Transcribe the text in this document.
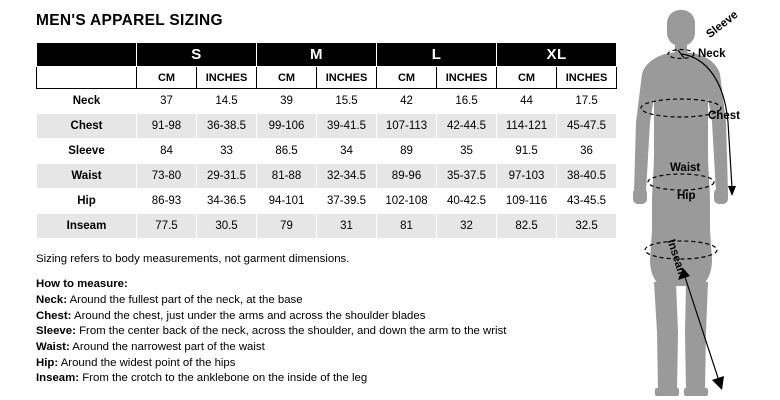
MEN'S APPAREL SIZING
	S		M		L		XL	
	CM	INCHES	CM	INCHES	CM	INCHES	CM	INCHES
Neck	37	14.5	39	15.5	42	16.5	44	17.5
Chest	91-98	36-38.5	99-106	39-41.5	107-113	42-44.5	114-121	45-47.5
Sleeve	84	33	86.5	34	89	35	91.5	36
Waist	73-80	29-31.5	81-88	32-34.5	89-96	35-37.5	97-103	38-40.5
Hip	86-93	34-36.5	94-101	37-39.5	102-108	40-42.5	109-116	43-45.5
Inseam	77.5	30.5	79	31	81	32	82.5	32.5
Sizing refers to body measurements, not garment dimensions.
How to measure:
Neck: Around the fullest part of the neck, at the base
Chest: Around the chest, just under the arms and across the shoulder blades
Sleeve: From the center back of the neck, across the shoulder, and down the arm to the wrist
Waist: Around the narrowest part of the waist
Hip: Around the widest point of the hips
Inseam: From the crotch to the anklebone on the inside of the leg
Sleeve
Neck
Chest
Waist
Hip
Inseam
